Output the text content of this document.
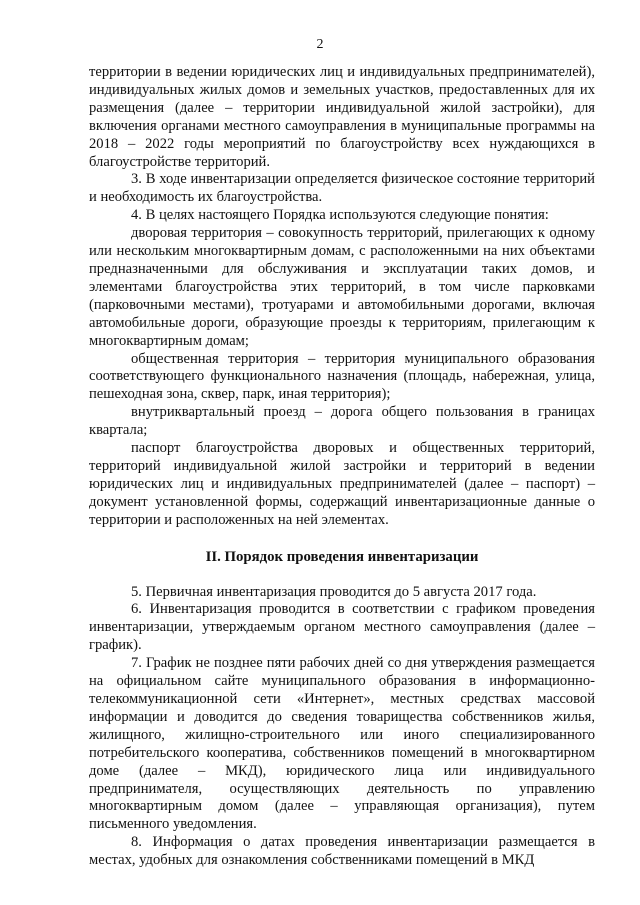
2

территории в ведении юридических лиц и индивидуальных предпринимателей), индивидуальных жилых домов и земельных участков, предоставленных для их размещения (далее – территории индивидуальной жилой застройки), для включения органами местного самоуправления в муниципальные программы на 2018 – 2022 годы мероприятий по благоустройству всех нуждающихся в благоустройстве территорий.

3. В ходе инвентаризации определяется физическое состояние территорий и необходимость их благоустройства.

4. В целях настоящего Порядка используются следующие понятия:

дворовая территория – совокупность территорий, прилегающих к одному или нескольким многоквартирным домам, с расположенными на них объектами предназначенными для обслуживания и эксплуатации таких домов, и элементами благоустройства этих территорий, в том числе парковками (парковочными местами), тротуарами и автомобильными дорогами, включая автомобильные дороги, образующие проезды к территориям, прилегающим к многоквартирным домам;

общественная территория – территория муниципального образования соответствующего функционального назначения (площадь, набережная, улица, пешеходная зона, сквер, парк, иная территория);

внутриквартальный проезд – дорога общего пользования в границах квартала;

паспорт благоустройства дворовых и общественных территорий, территорий индивидуальной жилой застройки и территорий в ведении юридических лиц и индивидуальных предпринимателей (далее – паспорт) – документ установленной формы, содержащий инвентаризационные данные о территории и расположенных на ней элементах.

II. Порядок проведения инвентаризации

5. Первичная инвентаризация проводится до 5 августа 2017 года.

6. Инвентаризация проводится в соответствии с графиком проведения инвентаризации, утверждаемым органом местного самоуправления (далее – график).

7. График не позднее пяти рабочих дней со дня утверждения размещается на официальном сайте муниципального образования в информационно-телекоммуникационной сети «Интернет», местных средствах массовой информации и доводится до сведения товарищества собственников жилья, жилищного, жилищно-строительного или иного специализированного потребительского кооператива, собственников помещений в многоквартирном доме (далее – МКД), юридического лица или индивидуального предпринимателя, осуществляющих деятельность по управлению многоквартирным домом (далее – управляющая организация), путем письменного уведомления.

8. Информация о датах проведения инвентаризации размещается в местах, удобных для ознакомления собственниками помещений в МКД
